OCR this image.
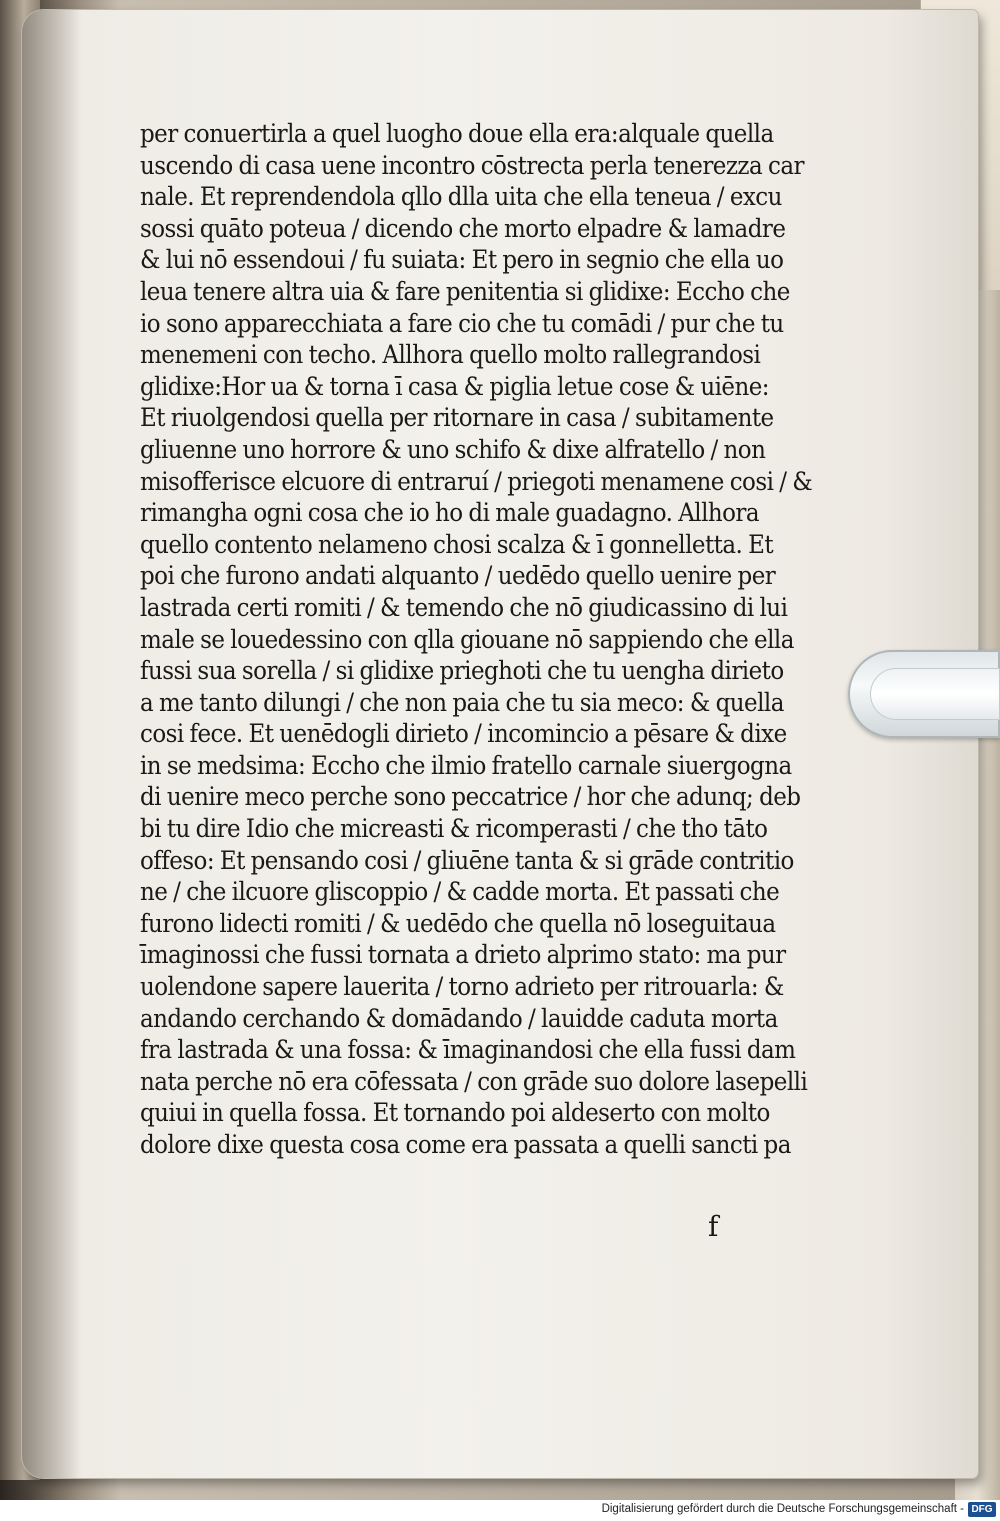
per conuertirla a quel luogho doue ella era:alquale quella
uscendo di casa uene incontro cōstrecta perla tenerezza car
nale. Et reprendendola qllo dlla uita che ella teneua / excu
sossi quāto poteua / dicendo che morto elpadre & lamadre
& lui nō essendoui / fu suiata: Et pero in segnio che ella uo
leua tenere altra uia & fare penitentia si glidixe: Eccho che
io sono apparecchiata a fare cio che tu comādi / pur che tu
menemeni con techo. Allhora quello molto rallegrandosi
glidixe:Hor ua & torna ī casa & piglia letue cose & uiēne:
Et riuolgendosi quella per ritornare in casa / subitamente
gliuenne uno horrore & uno schifo & dixe alfratello / non
misofferisce elcuore di entraruí / priegoti menamene cosi / &
rimangha ogni cosa che io ho di male guadagno. Allhora
quello contento nelameno chosi scalza & ī gonnelletta. Et
poi che furono andati alquanto / uedēdo quello uenire per
lastrada certi romiti / & temendo che nō giudicassino di lui
male se louedessino con qlla giouane nō sappiendo che ella
fussi sua sorella / si glidixe prieghoti che tu uengha dirieto
a me tanto dilungi / che non paia che tu sia meco: & quella
cosi fece. Et uenēdogli dirieto / incomincio a pēsare & dixe
in se medsima: Eccho che ilmio fratello carnale siuergogna
di uenire meco perche sono peccatrice / hor che adunq; deb
bi tu dire Idio che micreasti & ricomperasti / che tho tāto
offeso: Et pensando cosi / gliuēne tanta & si grāde contritio
ne / che ilcuore gliscoppio / & cadde morta. Et passati che
furono lidecti romiti / & uedēdo che quella nō loseguitaua
īmaginossi che fussi tornata a drieto alprimo stato: ma pur
uolendone sapere lauerita / torno adrieto per ritrouarla: &
andando cerchando & domādando / lauidde caduta morta
fra lastrada & una fossa: & īmaginandosi che ella fussi dam
nata perche nō era cōfessata / con grāde suo dolore lasepelli
quiui in quella fossa. Et tornando poi aldeserto con molto
dolore dixe questa cosa come era passata a quelli sancti pa
f
Digitalisierung gefördert durch die Deutsche Forschungsgemeinschaft - DFG
